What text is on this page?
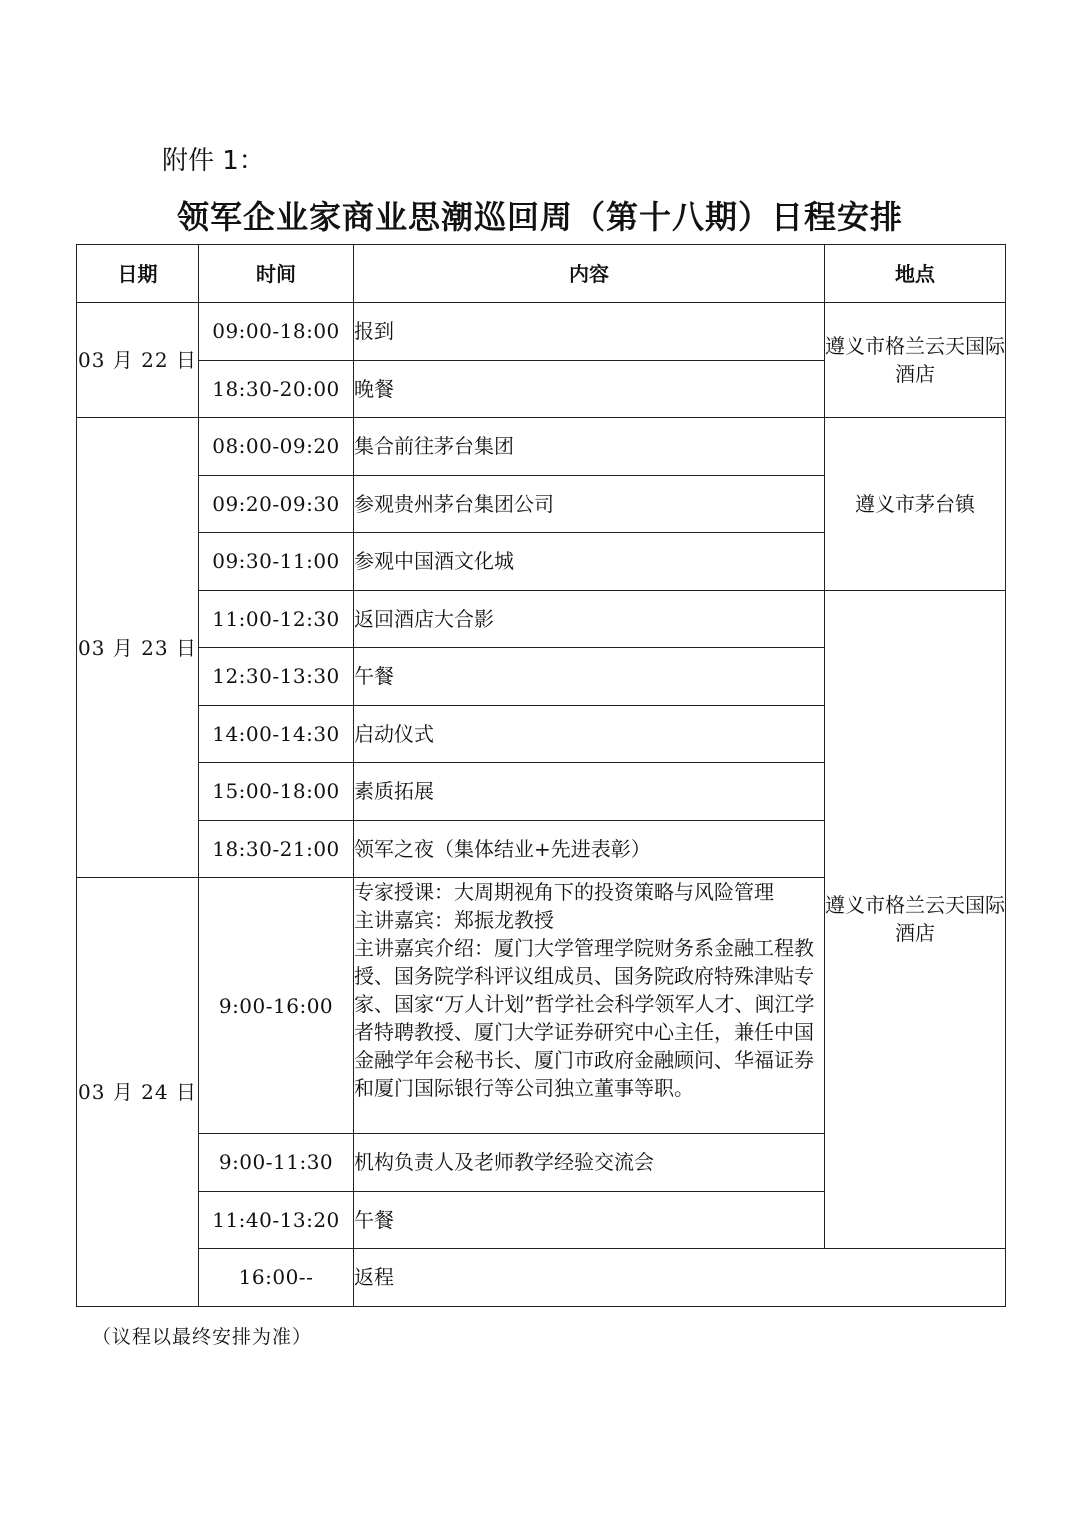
附件 1：
领军企业家商业思潮巡回周（第十八期）日程安排
日期	时间	内容	地点
03 月 22 日	09:00-18:00	报到	遵义市格兰云天国际酒店
	18:30-20:00	晚餐	
03 月 23 日	08:00-09:20	集合前往茅台集团	遵义市茅台镇
	09:20-09:30	参观贵州茅台集团公司	
	09:30-11:00	参观中国酒文化城	
	11:00-12:30	返回酒店大合影	遵义市格兰云天国际酒店
	12:30-13:30	午餐	
	14:00-14:30	启动仪式	
	15:00-18:00	素质拓展	
	18:30-21:00	领军之夜（集体结业+先进表彰）	
03 月 24 日	9:00-16:00	专家授课：大周期视角下的投资策略与风险管理
主讲嘉宾：郑振龙教授
主讲嘉宾介绍：厦门大学管理学院财务系金融工程教授、国务院学科评议组成员、国务院政府特殊津贴专家、国家“万人计划”哲学社会科学领军人才、闽江学者特聘教授、厦门大学证券研究中心主任，兼任中国金融学年会秘书长、厦门市政府金融顾问、华福证券和厦门国际银行等公司独立董事等职。	

	9:00-11:30	机构负责人及老师教学经验交流会	
	11:40-13:20	午餐	
	16:00--	返程	
（议程以最终安排为准）
